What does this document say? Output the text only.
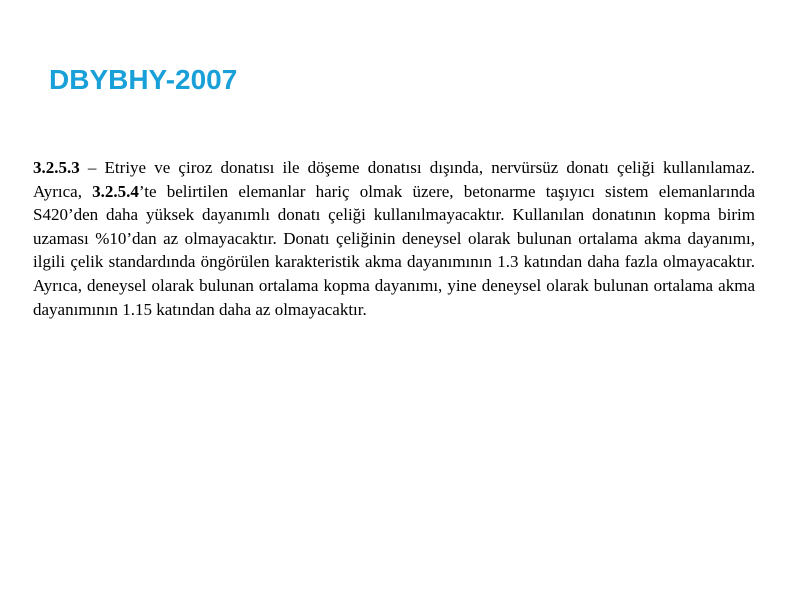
DBYBHY-2007

3.2.5.3 – Etriye ve çiroz donatısı ile döşeme donatısı dışında, nervürsüz donatı çeliği kullanılamaz. Ayrıca, 3.2.5.4’te belirtilen elemanlar hariç olmak üzere, betonarme taşıyıcı sistem elemanlarında S420’den daha yüksek dayanımlı donatı çeliği kullanılmayacaktır. Kullanılan donatının kopma birim uzaması %10’dan az olmayacaktır. Donatı çeliğinin deneysel olarak bulunan ortalama akma dayanımı, ilgili çelik standardında öngörülen karakteristik akma dayanımının 1.3 katından daha fazla olmayacaktır. Ayrıca, deneysel olarak bulunan ortalama kopma dayanımı, yine deneysel olarak bulunan ortalama akma dayanımının 1.15 katından daha az olmayacaktır.
